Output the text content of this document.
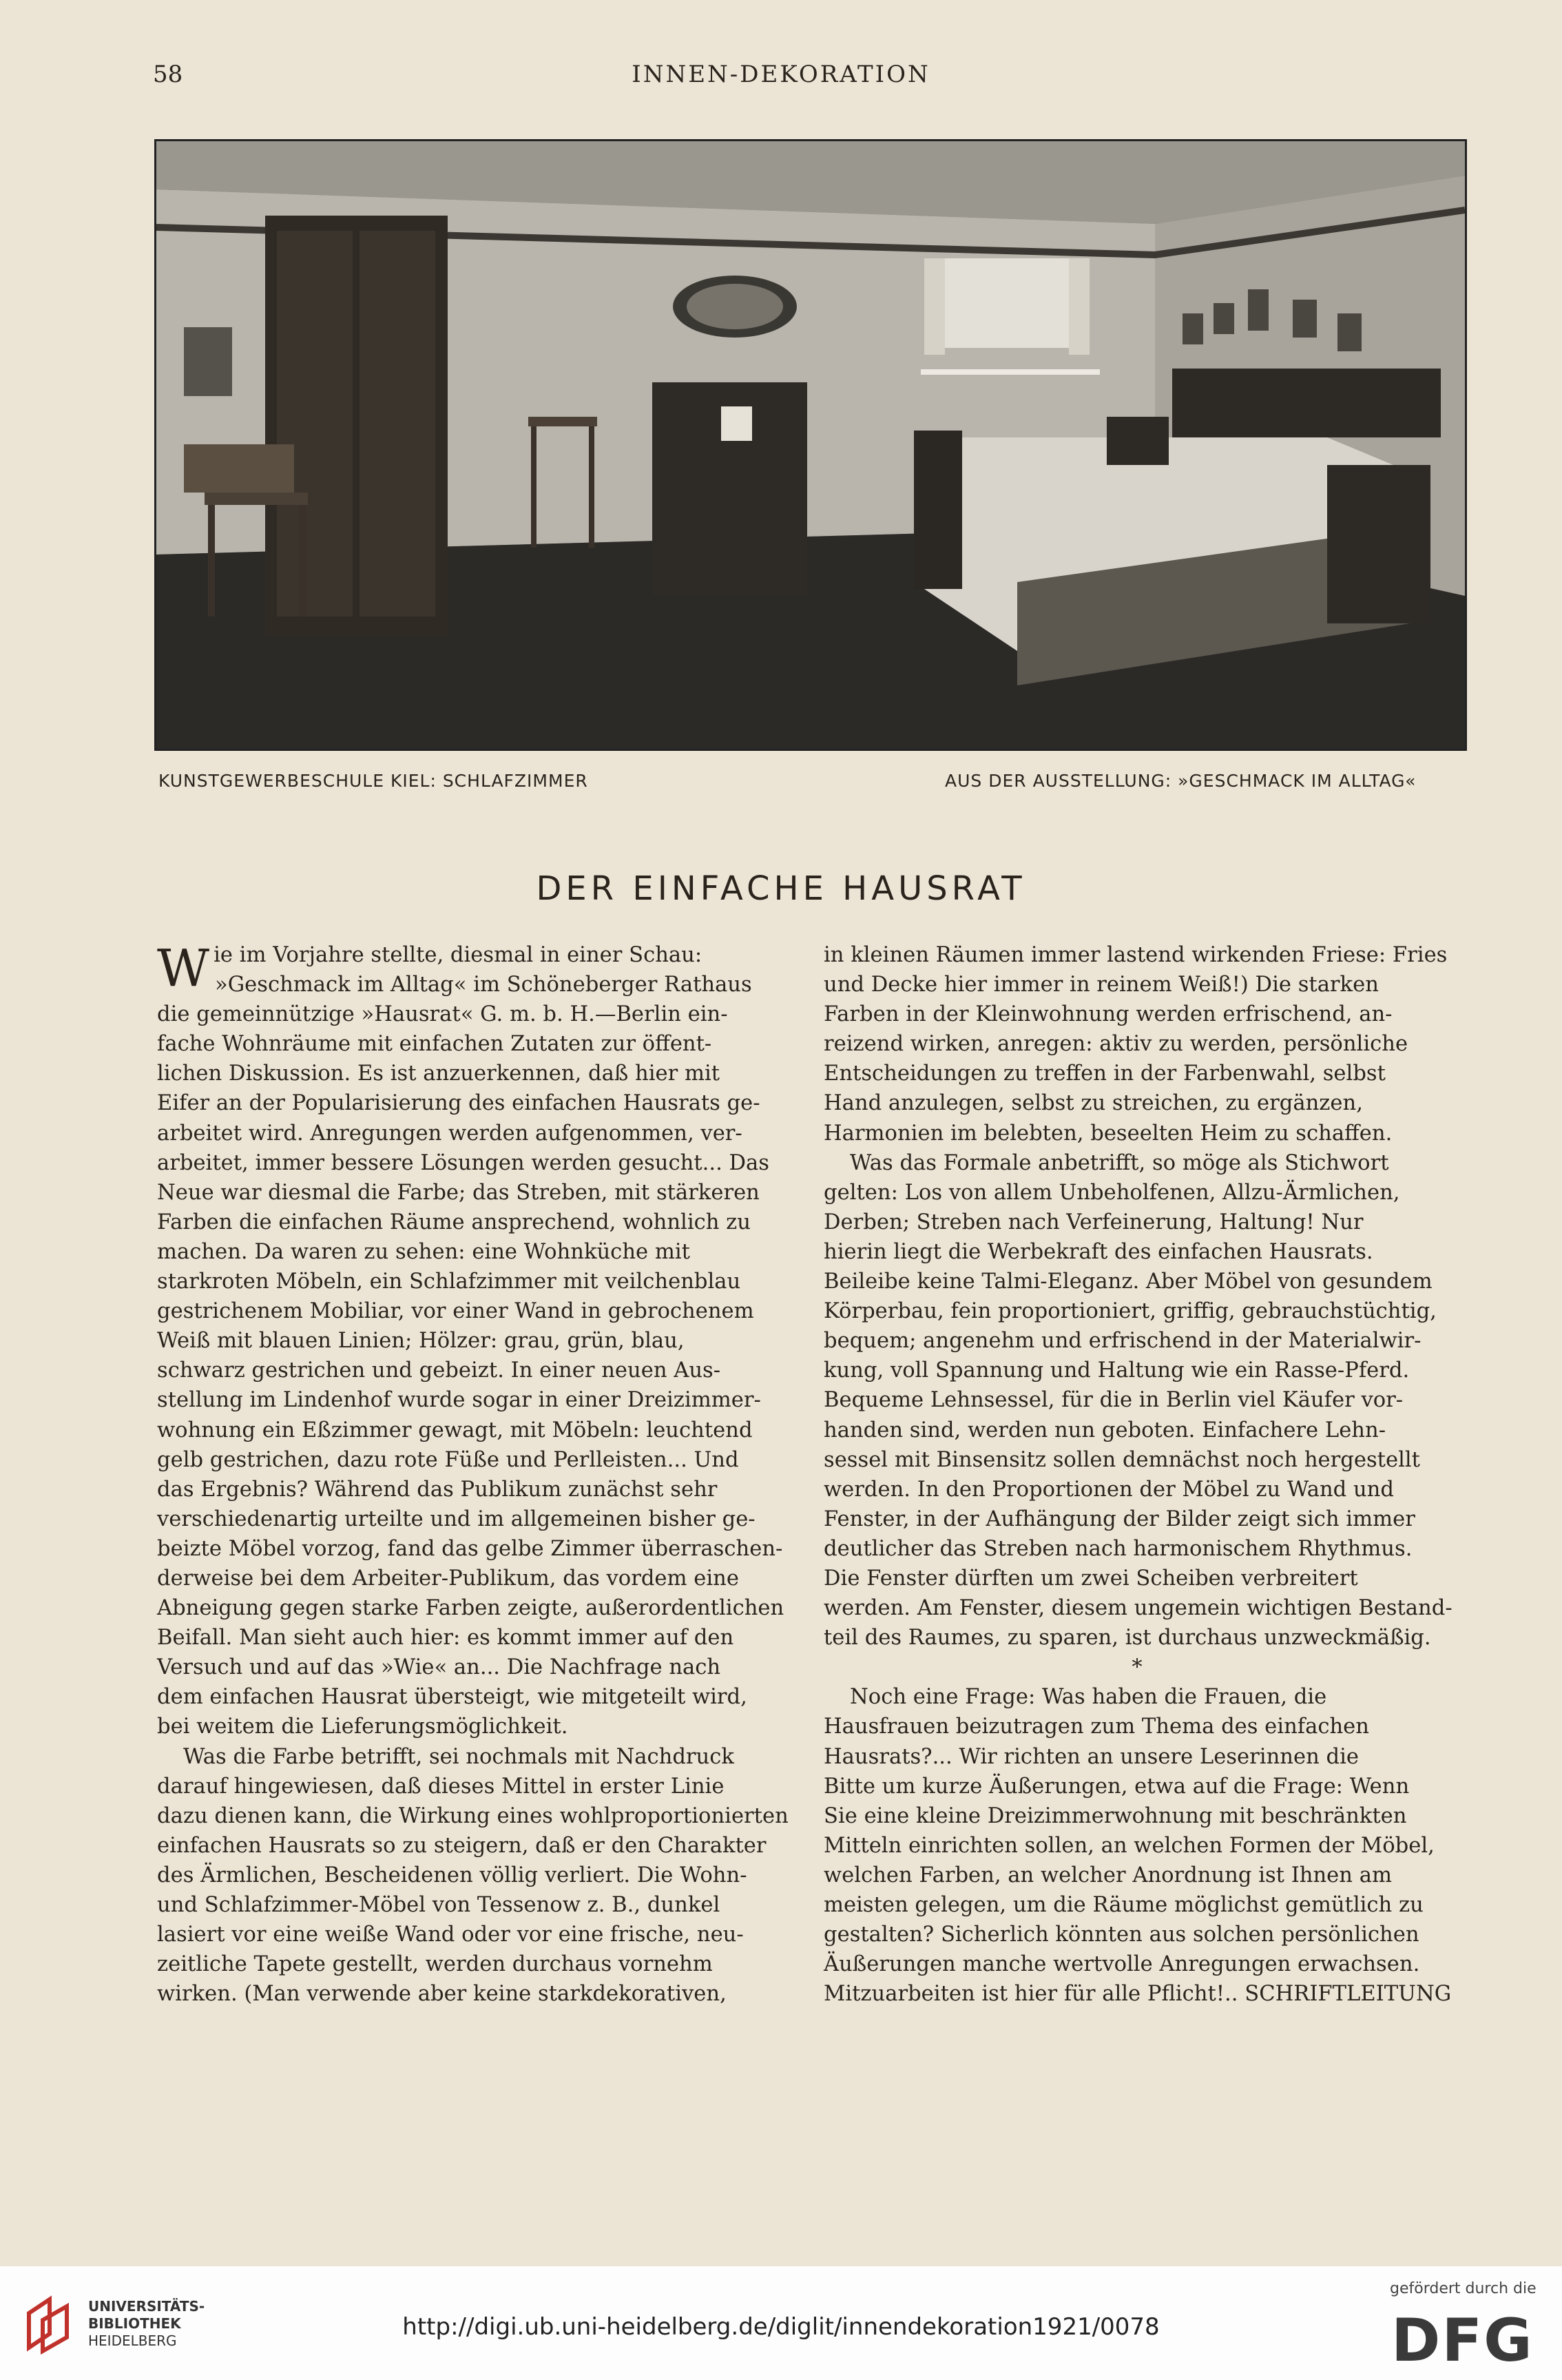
58	INNEN-DEKORATION
KUNSTGEWERBESCHULE KIEL: SCHLAFZIMMER	AUS DER AUSSTELLUNG: »GESCHMACK IM ALLTAG«
DER EINFACHE HAUSRAT

Wie im Vorjahre stellte, diesmal in einer Schau:

»Geschmack im Alltag« im Schöneberger Rathaus

die gemeinnützige »Hausrat« G. m. b. H.—Berlin ein-

fache Wohnräume mit einfachen Zutaten zur öffent-

lichen Diskussion. Es ist anzuerkennen, daß hier mit

Eifer an der Popularisierung des einfachen Hausrats ge-

arbeitet wird. Anregungen werden aufgenommen, ver-

arbeitet, immer bessere Lösungen werden gesucht... Das

Neue war diesmal die Farbe; das Streben, mit stärkeren

Farben die einfachen Räume ansprechend, wohnlich zu

machen. Da waren zu sehen: eine Wohnküche mit

starkroten Möbeln, ein Schlafzimmer mit veilchenblau

gestrichenem Mobiliar, vor einer Wand in gebrochenem

Weiß mit blauen Linien; Hölzer: grau, grün, blau,

schwarz gestrichen und gebeizt. In einer neuen Aus-

stellung im Lindenhof wurde sogar in einer Dreizimmer-

wohnung ein Eßzimmer gewagt, mit Möbeln: leuchtend

gelb gestrichen, dazu rote Füße und Perlleisten... Und

das Ergebnis? Während das Publikum zunächst sehr

verschiedenartig urteilte und im allgemeinen bisher ge-

beizte Möbel vorzog, fand das gelbe Zimmer überraschen-

derweise bei dem Arbeiter-Publikum, das vordem eine

Abneigung gegen starke Farben zeigte, außerordentlichen

Beifall. Man sieht auch hier: es kommt immer auf den

Versuch und auf das »Wie« an... Die Nachfrage nach

dem einfachen Hausrat übersteigt, wie mitgeteilt wird,

bei weitem die Lieferungsmöglichkeit.

Was die Farbe betrifft, sei nochmals mit Nachdruck

darauf hingewiesen, daß dieses Mittel in erster Linie

dazu dienen kann, die Wirkung eines wohlproportionierten

einfachen Hausrats so zu steigern, daß er den Charakter

des Ärmlichen, Bescheidenen völlig verliert. Die Wohn-

und Schlafzimmer-Möbel von Tessenow z. B., dunkel

lasiert vor eine weiße Wand oder vor eine frische, neu-

zeitliche Tapete gestellt, werden durchaus vornehm

wirken. (Man verwende aber keine starkdekorativen,

in kleinen Räumen immer lastend wirkenden Friese: Fries

und Decke hier immer in reinem Weiß!) Die starken

Farben in der Kleinwohnung werden erfrischend, an-

reizend wirken, anregen: aktiv zu werden, persönliche

Entscheidungen zu treffen in der Farbenwahl, selbst

Hand anzulegen, selbst zu streichen, zu ergänzen,

Harmonien im belebten, beseelten Heim zu schaffen.

Was das Formale anbetrifft, so möge als Stichwort

gelten: Los von allem Unbeholfenen, Allzu-Ärmlichen,

Derben; Streben nach Verfeinerung, Haltung! Nur

hierin liegt die Werbekraft des einfachen Hausrats.

Beileibe keine Talmi-Eleganz. Aber Möbel von gesundem

Körperbau, fein proportioniert, griffig, gebrauchstüchtig,

bequem; angenehm und erfrischend in der Materialwir-

kung, voll Spannung und Haltung wie ein Rasse-Pferd.

Bequeme Lehnsessel, für die in Berlin viel Käufer vor-

handen sind, werden nun geboten. Einfachere Lehn-

sessel mit Binsensitz sollen demnächst noch hergestellt

werden. In den Proportionen der Möbel zu Wand und

Fenster, in der Aufhängung der Bilder zeigt sich immer

deutlicher das Streben nach harmonischem Rhythmus.

Die Fenster dürften um zwei Scheiben verbreitert

werden. Am Fenster, diesem ungemein wichtigen Bestand-

teil des Raumes, zu sparen, ist durchaus unzweckmäßig.

*

Noch eine Frage: Was haben die Frauen, die

Hausfrauen beizutragen zum Thema des einfachen

Hausrats?... Wir richten an unsere Leserinnen die

Bitte um kurze Äußerungen, etwa auf die Frage: Wenn

Sie eine kleine Dreizimmerwohnung mit beschränkten

Mitteln einrichten sollen, an welchen Formen der Möbel,

welchen Farben, an welcher Anordnung ist Ihnen am

meisten gelegen, um die Räume möglichst gemütlich zu

gestalten? Sicherlich könnten aus solchen persönlichen

Äußerungen manche wertvolle Anregungen erwachsen.

Mitzuarbeiten ist hier für alle Pflicht!.. SCHRIFTLEITUNG

UNIVERSITÄTS-
BIBLIOTHEK
HEIDELBERG	http://digi.ub.uni-heidelberg.de/diglit/innendekoration1921/0078
gefördert durch die
DFG
